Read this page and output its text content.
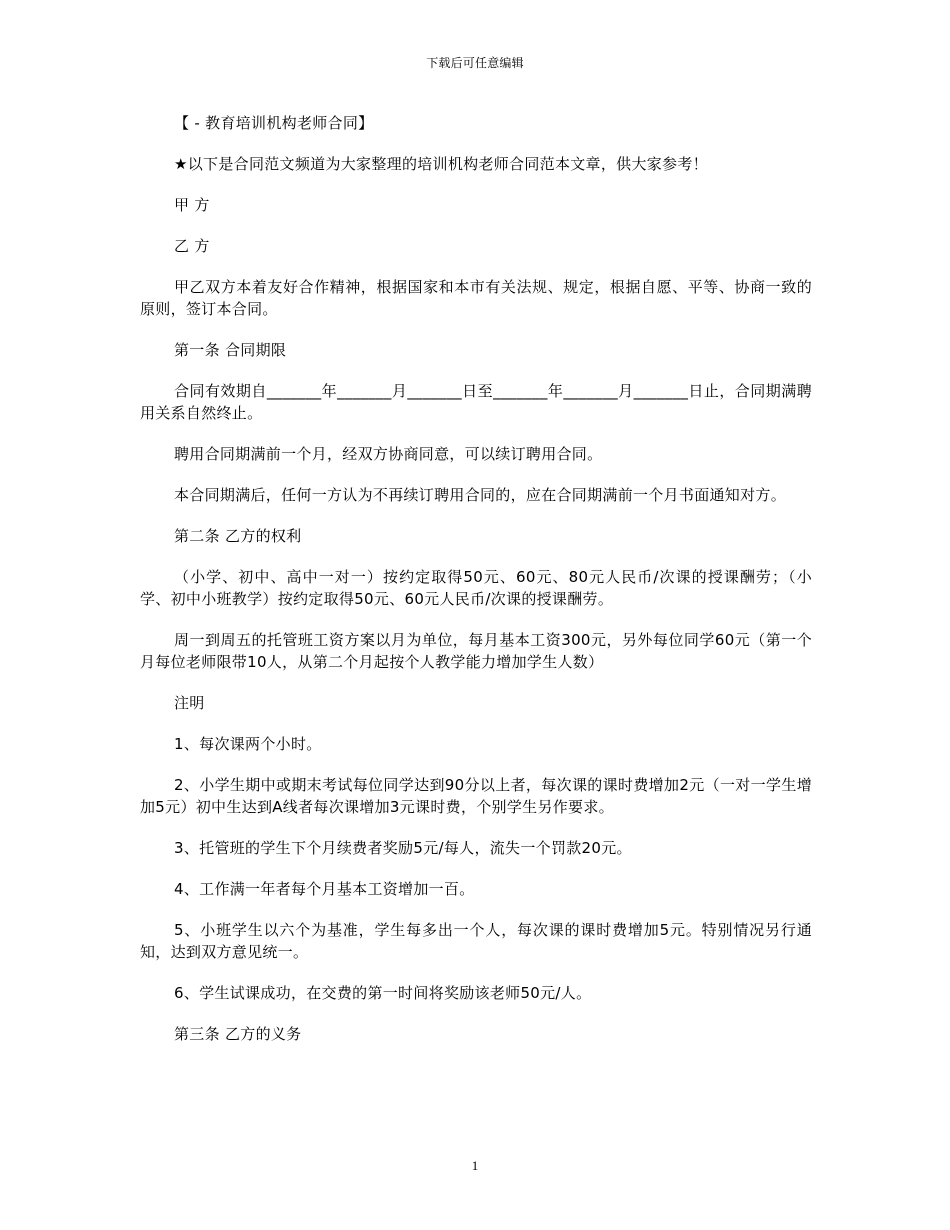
下载后可任意编辑

【 - 教育培训机构老师合同】

★以下是合同范文频道为大家整理的培训机构老师合同范本文章，供大家参考！

甲 方

乙 方

甲乙双方本着友好合作精神，根据国家和本市有关法规、规定，根据自愿、平等、协商一致的原则，签订本合同。

第一条 合同期限

合同有效期自_______年_______月_______日至_______年_______月_______日止，合同期满聘用关系自然终止。

聘用合同期满前一个月，经双方协商同意，可以续订聘用合同。

本合同期满后，任何一方认为不再续订聘用合同的，应在合同期满前一个月书面通知对方。

第二条 乙方的权利

（小学、初中、高中一对一）按约定取得50元、60元、80元人民币/次课的授课酬劳；（小学、初中小班教学）按约定取得50元、60元人民币/次课的授课酬劳。

周一到周五的托管班工资方案以月为单位，每月基本工资300元，另外每位同学60元（第一个月每位老师限带10人，从第二个月起按个人教学能力增加学生人数）

注明

1、每次课两个小时。

2、小学生期中或期末考试每位同学达到90分以上者，每次课的课时费增加2元（一对一学生增加5元）初中生达到A线者每次课增加3元课时费，个别学生另作要求。

3、托管班的学生下个月续费者奖励5元/每人，流失一个罚款20元。

4、工作满一年者每个月基本工资增加一百。

5、小班学生以六个为基准，学生每多出一个人，每次课的课时费增加5元。特别情况另行通知，达到双方意见统一。

6、学生试课成功，在交费的第一时间将奖励该老师50元/人。

第三条 乙方的义务

1
